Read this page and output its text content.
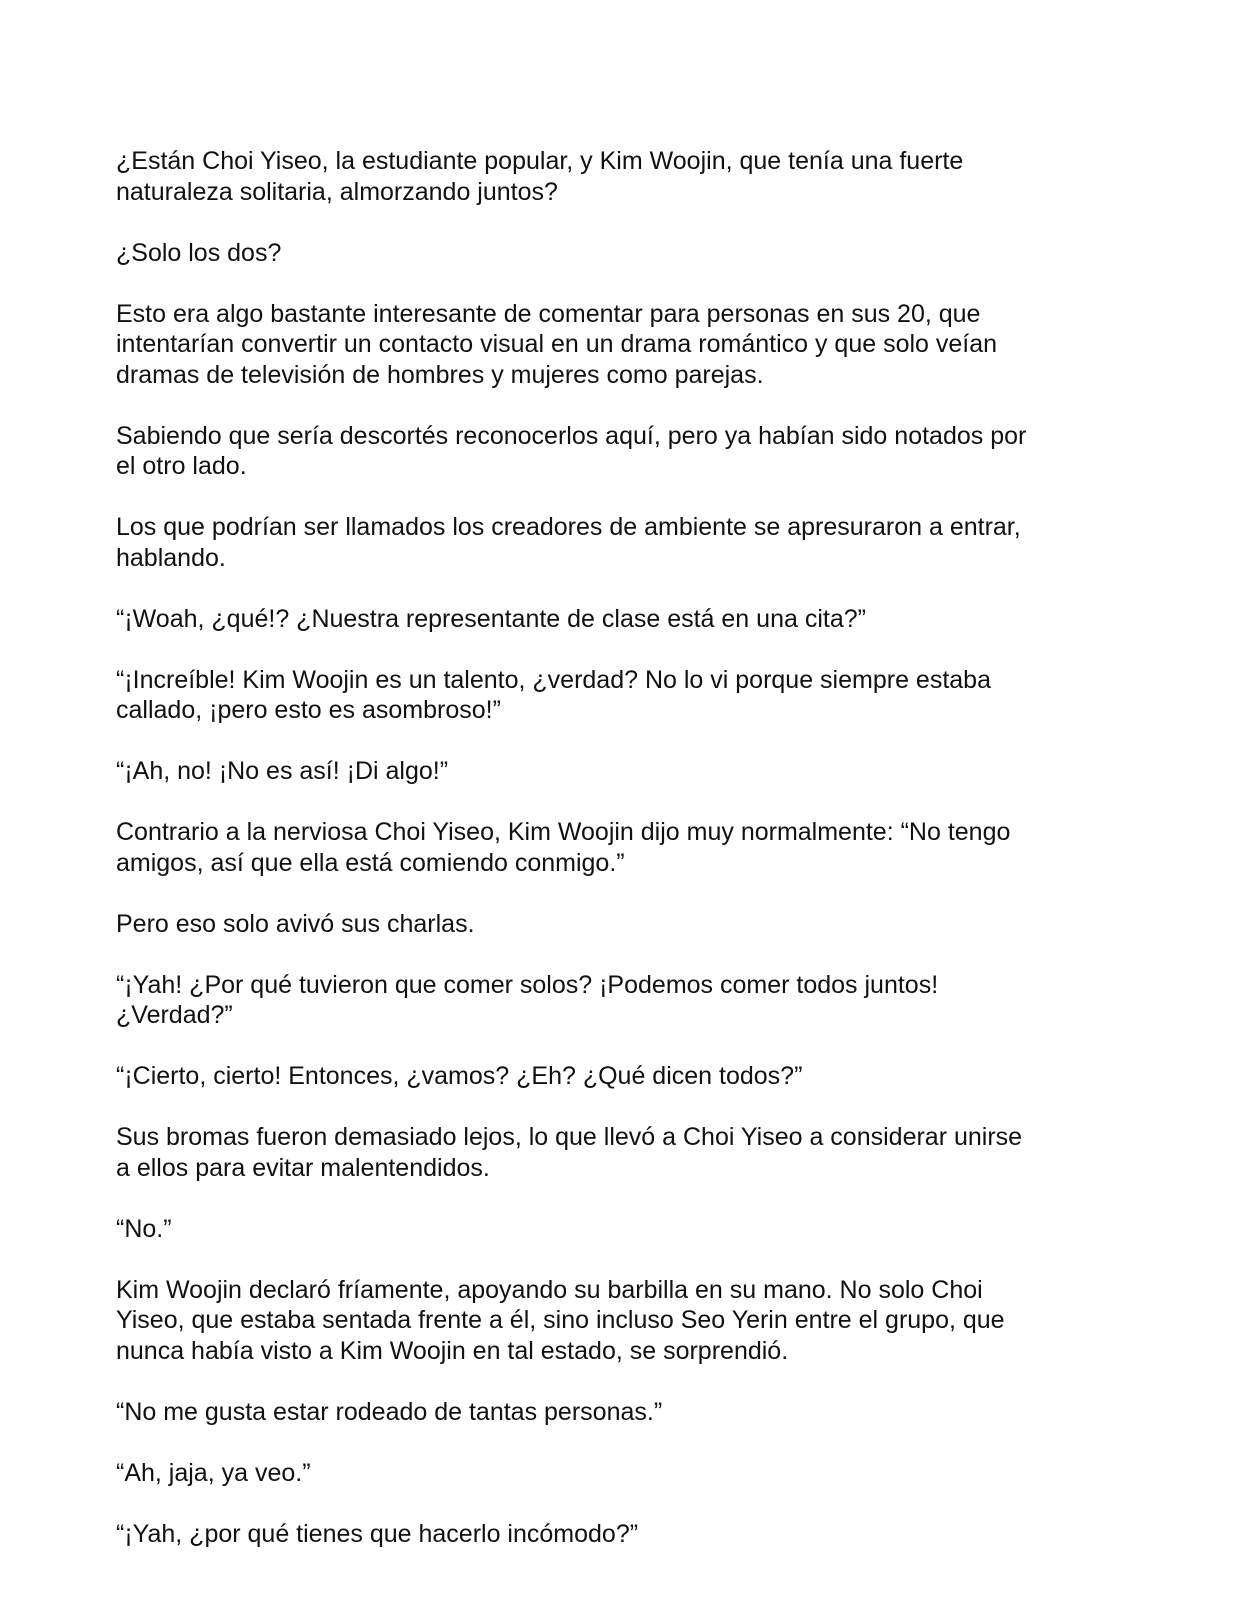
¿Están Choi Yiseo, la estudiante popular, y Kim Woojin, que tenía una fuerte
naturaleza solitaria, almorzando juntos?

¿Solo los dos?

Esto era algo bastante interesante de comentar para personas en sus 20, que
intentarían convertir un contacto visual en un drama romántico y que solo veían
dramas de televisión de hombres y mujeres como parejas.

Sabiendo que sería descortés reconocerlos aquí, pero ya habían sido notados por
el otro lado.

Los que podrían ser llamados los creadores de ambiente se apresuraron a entrar,
hablando.

“¡Woah, ¿qué!? ¿Nuestra representante de clase está en una cita?”

“¡Increíble! Kim Woojin es un talento, ¿verdad? No lo vi porque siempre estaba
callado, ¡pero esto es asombroso!”

“¡Ah, no! ¡No es así! ¡Di algo!”

Contrario a la nerviosa Choi Yiseo, Kim Woojin dijo muy normalmente: “No tengo
amigos, así que ella está comiendo conmigo.”

Pero eso solo avivó sus charlas.

“¡Yah! ¿Por qué tuvieron que comer solos? ¡Podemos comer todos juntos!
¿Verdad?”

“¡Cierto, cierto! Entonces, ¿vamos? ¿Eh? ¿Qué dicen todos?”

Sus bromas fueron demasiado lejos, lo que llevó a Choi Yiseo a considerar unirse
a ellos para evitar malentendidos.

“No.”

Kim Woojin declaró fríamente, apoyando su barbilla en su mano. No solo Choi
Yiseo, que estaba sentada frente a él, sino incluso Seo Yerin entre el grupo, que
nunca había visto a Kim Woojin en tal estado, se sorprendió.

“No me gusta estar rodeado de tantas personas.”

“Ah, jaja, ya veo.”

“¡Yah, ¿por qué tienes que hacerlo incómodo?”
